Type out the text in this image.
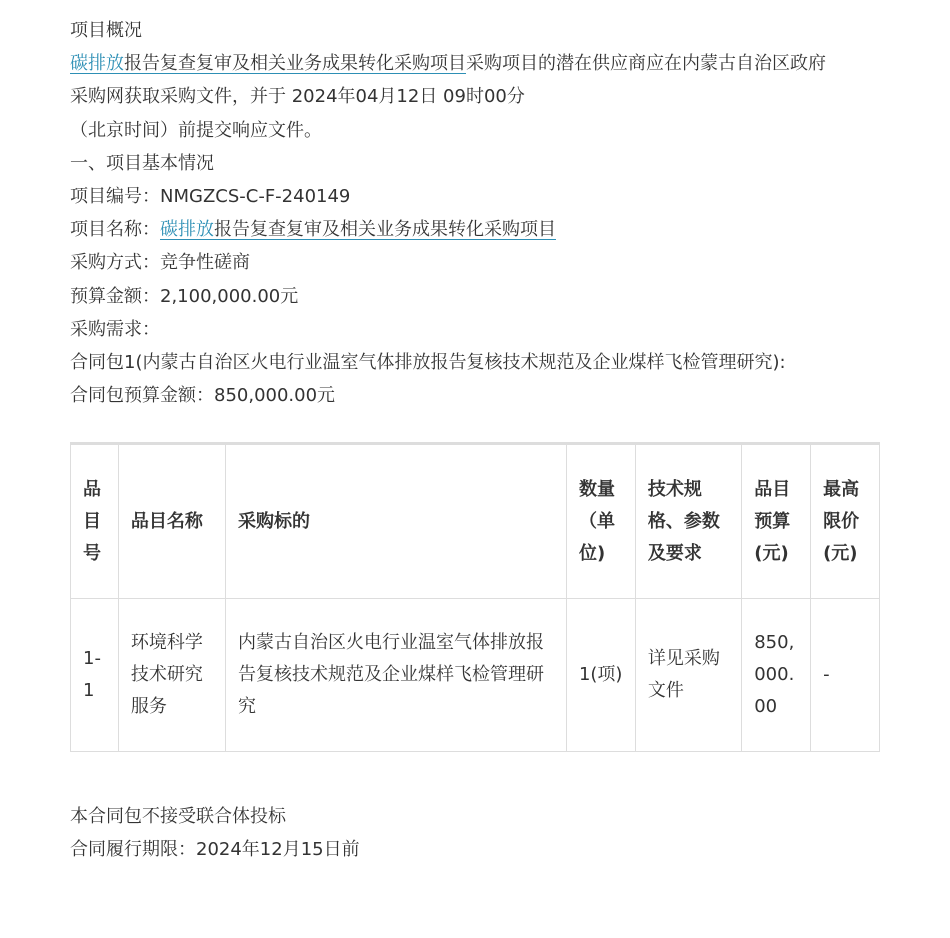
项目概况
碳排放报告复查复审及相关业务成果转化采购项目采购项目的潜在供应商应在内蒙古自治区政府
采购网获取采购文件，并于 2024年04月12日 09时00分
（北京时间）前提交响应文件。
一、项目基本情况
项目编号：NMGZCS-C-F-240149
项目名称：碳排放报告复查复审及相关业务成果转化采购项目
采购方式：竞争性磋商
预算金额：2,100,000.00元
采购需求：
合同包1(内蒙古自治区火电行业温室气体排放报告复核技术规范及企业煤样飞检管理研究):
合同包预算金额：850,000.00元
品目号	品目名称	采购标的	数量（单位)	技术规格、参数及要求	品目预算(元)	最高限价(元)
1-1	环境科学技术研究服务	内蒙古自治区火电行业温室气体排放报告复核技术规范及企业煤样飞检管理研究	1(项)	详见采购文件	850,000.00	-
本合同包不接受联合体投标
合同履行期限：2024年12月15日前
